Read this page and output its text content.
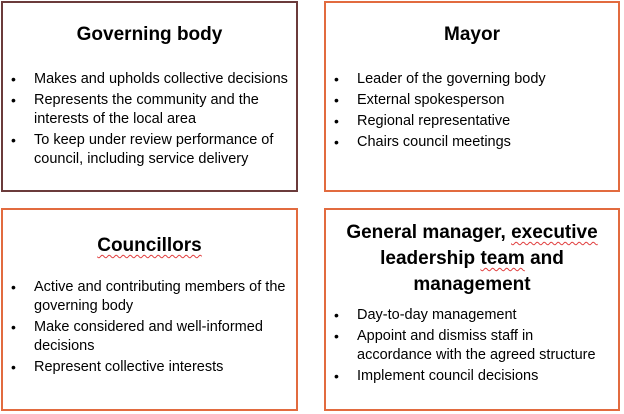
Governing body
• Makes and upholds collective decisions
• Represents the community and the interests of the local area
• To keep under review performance of council, including service delivery
Mayor
• Leader of the governing body
• External spokesperson
• Regional representative
• Chairs council meetings
Councillors
• Active and contributing members of the governing body
• Make considered and well-informed decisions
• Represent collective interests
General manager, executive leadership team and management
• Day-to-day management
• Appoint and dismiss staff in accordance with the agreed structure
• Implement council decisions
